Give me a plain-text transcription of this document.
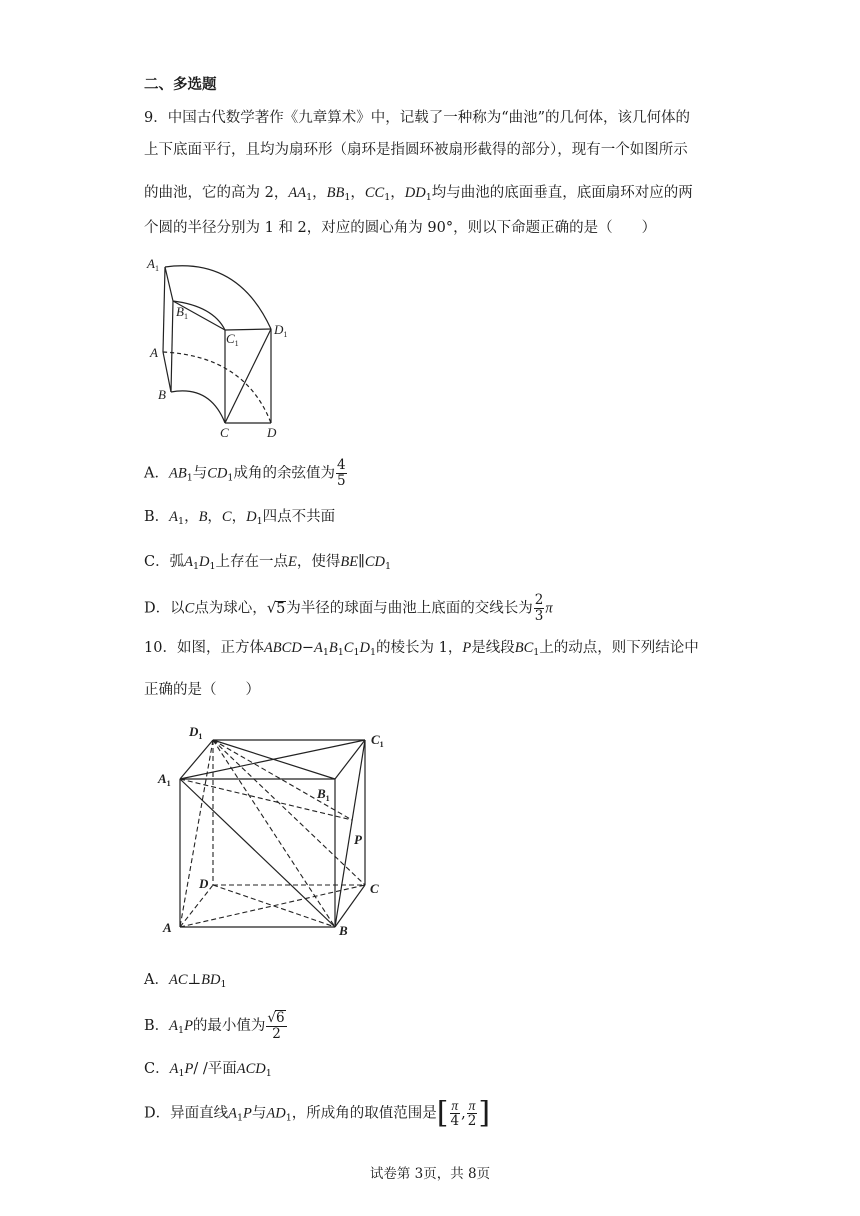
二、多选题
9．中国古代数学著作《九章算术》中，记载了一种称为“曲池”的几何体，该几何体的
上下底面平行，且均为扇环形（扇环是指圆环被扇形截得的部分），现有一个如图所示
的曲池，它的高为 2，$AA_1$，$BB_1$，$CC_1$，$DD_1$均与曲池的底面垂直，底面扇环对应的两
个圆的半径分别为 1 和 2，对应的圆心角为 90°，则以下命题正确的是（　　）
$A_1$
$B_1$
$C_1$
$D_1$
A
B
C	D
A．$AB_1$与$CD_1$成角的余弦值为 $\frac{4}{5}$
B．$A_1$，B，C，$D_1$四点不共面
C．弧$A_1D_1$上存在一点E，使得$BE\parallel CD_1$
D．以C点为球心，√5为半径的球面与曲池上底面的交线长为 $\frac{2}{3}$ π
10．如图，正方体$ABCD-A_1B_1C_1D_1$的棱长为 1，P是线段$BC_1$上的动点，则下列结论中
正确的是（　　）
$D_1$	$C_1$
$A_1$
$B_1$
P
D	C
A	B
A．$AC\perp BD_1$
B．$A_1P$的最小值为 $\frac{√6}{2}$
C．$A_1P/$ /平面$ACD_1$
D．异面直线$A_1P$与$AD_1$，所成角的取值范围是[ $\frac{\pi}{4}$ , $\frac{\pi}{2}$ ]
试卷第 3页，共 8页
